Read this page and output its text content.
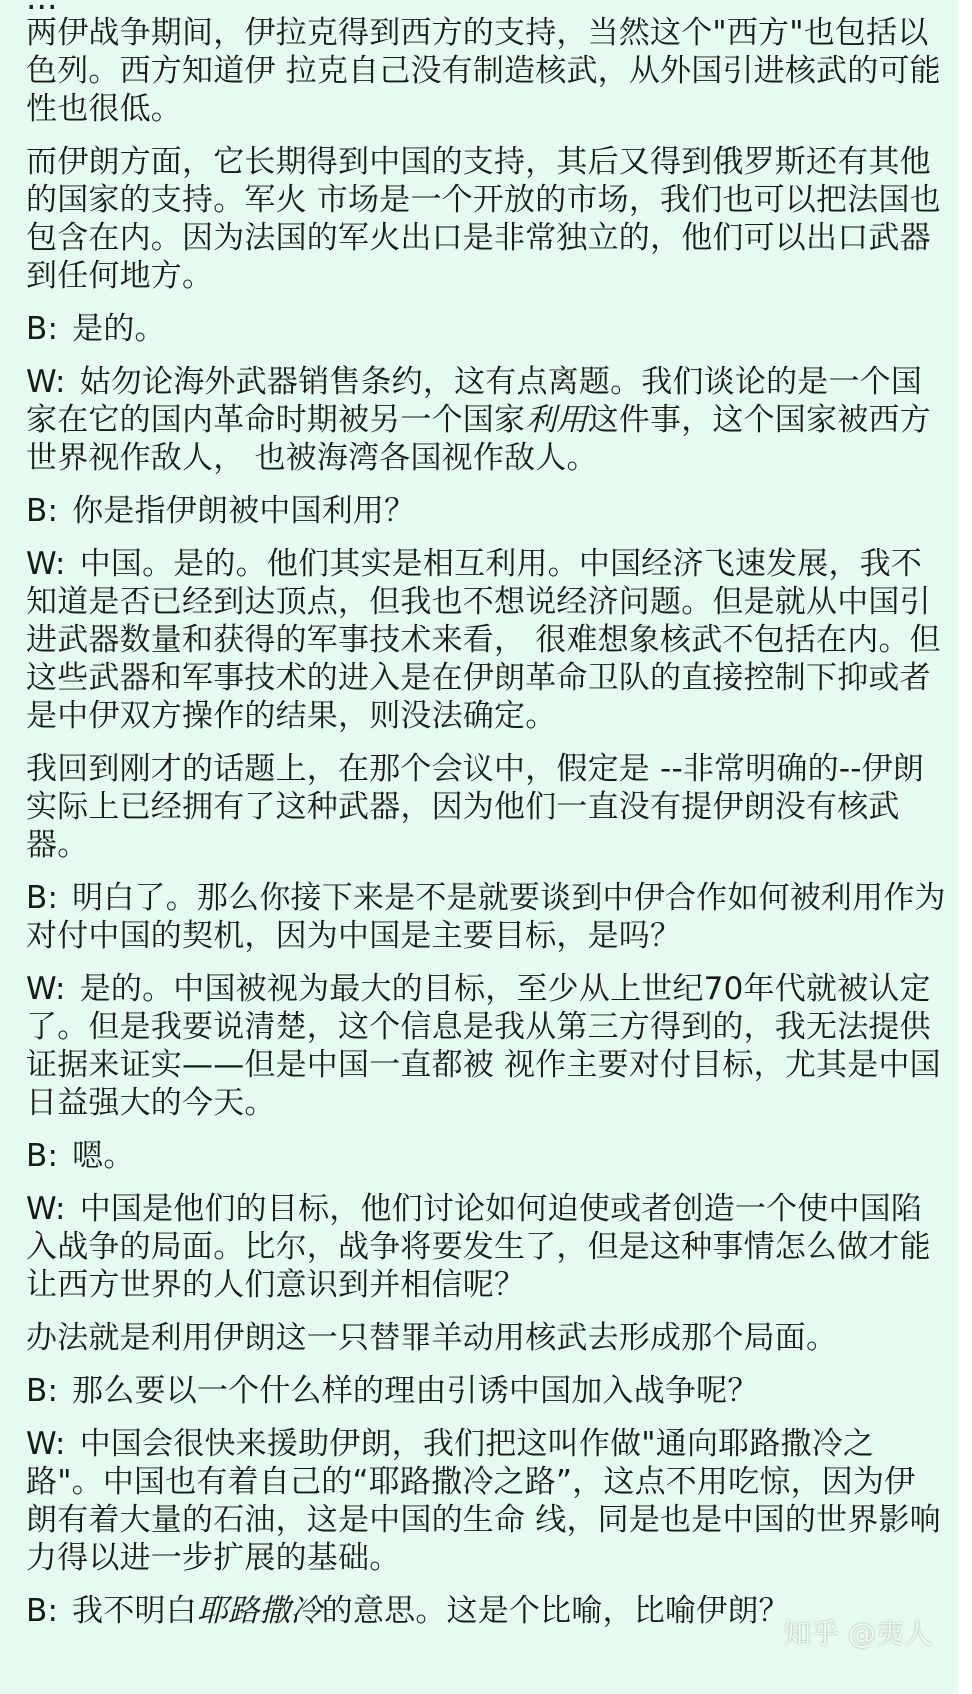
两伊战争期间，伊拉克得到西方的支持，当然这个"西方"也包括以色列。西方知道伊 拉克自己没有制造核武，从外国引进核武的可能性也很低。

而伊朗方面，它长期得到中国的支持，其后又得到俄罗斯还有其他的国家的支持。军火 市场是一个开放的市场，我们也可以把法国也包含在内。因为法国的军火出口是非常独立的，他们可以出口武器到任何地方。

B: 是的。

W: 姑勿论海外武器销售条约，这有点离题。我们谈论的是一个国家在它的国内革命时期被另一个国家利用这件事，这个国家被西方世界视作敌人， 也被海湾各国视作敌人。

B: 你是指伊朗被中国利用？

W: 中国。是的。他们其实是相互利用。中国经济飞速发展，我不知道是否已经到达顶点，但我也不想说经济问题。但是就从中国引进武器数量和获得的军事技术来看， 很难想象核武不包括在内。但这些武器和军事技术的进入是在伊朗革命卫队的直接控制下抑或者是中伊双方操作的结果，则没法确定。

我回到刚才的话题上，在那个会议中，假定是 --非常明确的--伊朗实际上已经拥有了这种武器，因为他们一直没有提伊朗没有核武器。

B: 明白了。那么你接下来是不是就要谈到中伊合作如何被利用作为对付中国的契机，因为中国是主要目标，是吗？

W: 是的。中国被视为最大的目标，至少从上世纪70年代就被认定了。但是我要说清楚，这个信息是我从第三方得到的，我无法提供证据来证实——但是中国一直都被 视作主要对付目标，尤其是中国日益强大的今天。

B: 嗯。

W: 中国是他们的目标，他们讨论如何迫使或者创造一个使中国陷入战争的局面。比尔，战争将要发生了，但是这种事情怎么做才能让西方世界的人们意识到并相信呢？

办法就是利用伊朗这一只替罪羊动用核武去形成那个局面。

B: 那么要以一个什么样的理由引诱中国加入战争呢？

W: 中国会很快来援助伊朗，我们把这叫作做"通向耶路撒冷之路"。中国也有着自己的“耶路撒冷之路”，这点不用吃惊，因为伊朗有着大量的石油，这是中国的生命 线，同是也是中国的世界影响力得以进一步扩展的基础。

B: 我不明白耶路撒冷的意思。这是个比喻，比喻伊朗？

知乎 @夷人
